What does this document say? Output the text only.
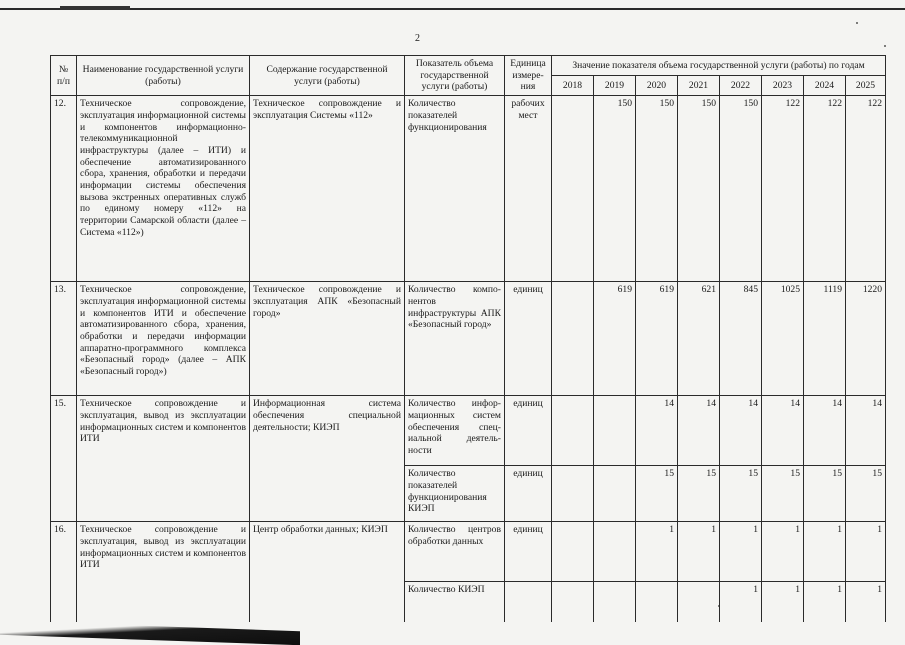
2
№ п/п	Наименование государственной услуги (работы)	Содержание государственной услуги (работы)	Показатель объема государственной услуги (работы)	Единица измере-ния	Значение показателя объема государственной услуги (работы) по годам							
					2018	2019	2020	2021	2022	2023	2024	2025
12.	Техническое сопровождение, эксплуатация информационной системы и компонентов информационно-телекоммуникационной инфраструктуры (далее – ИТИ) и обеспечение автоматизированного сбора, хранения, обработки и передачи информации системы обеспечения вызова экстренных оперативных служб по единому номеру «112» на территории Самарской области (далее – Система «112»)	Техническое сопровождение и эксплуатация Системы «112»	Количество показателей функционирования	рабочих мест		150	150	150	150	122	122	122
13.	Техническое сопровождение, эксплуатация информационной системы и компонентов ИТИ и обеспечение автоматизированного сбора, хранения, обработки и передачи информации аппаратно-программного комплекса «Безопасный город» (далее – АПК «Безопасный город»)	Техническое сопровождение и эксплуатация АПК «Безопасный город»	Количество компо-нентов инфраструктуры АПК «Безопасный город»	единиц		619	619	621	845	1025	1119	1220
15.	Техническое сопровождение и эксплуатация, вывод из эксплуатации информационных систем и компонентов ИТИ	Информационная система обеспечения специальной деятельности; КИЭП	Количество инфор-мационных систем обеспечения спец-иальной деятель-ности	единиц			14	14	14	14	14	14
			Количество показателей функционирования КИЭП	единиц			15	15	15	15	15	15
16.	Техническое сопровождение и эксплуатация, вывод из эксплуатации информационных систем и компонентов ИТИ	Центр обработки данных; КИЭП	Количество центров обработки данных	единиц			1	1	1	1	1	1
			Количество КИЭП						1	1	1	1
